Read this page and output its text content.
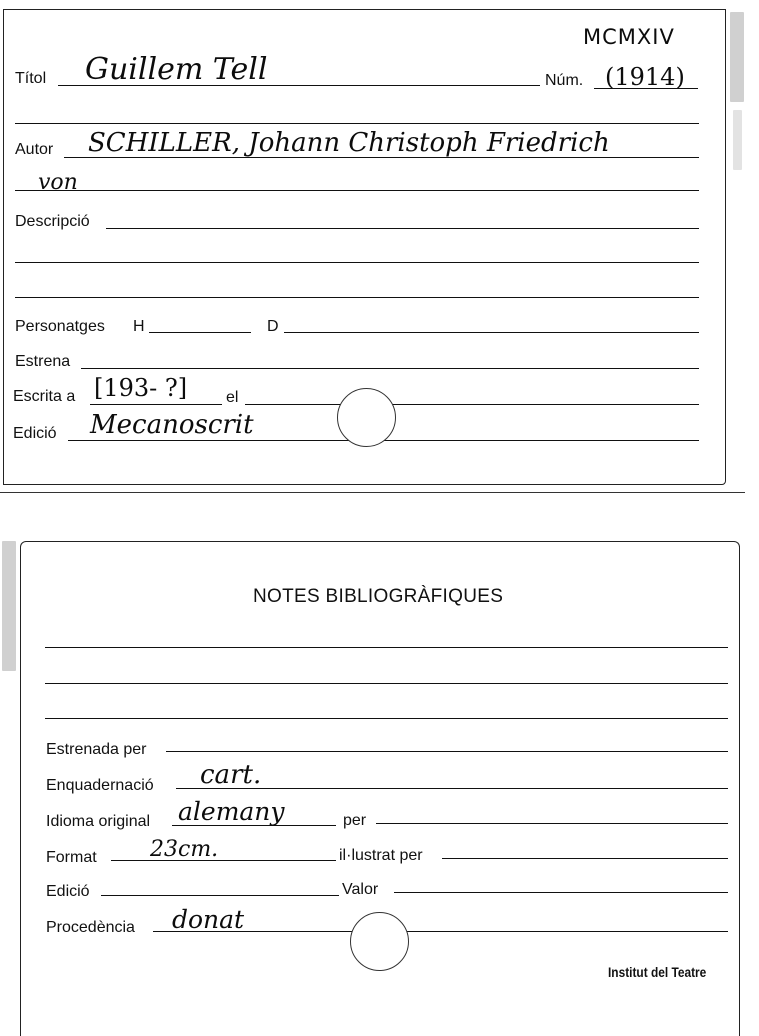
MCMXIV
Títol Guillem Tell	Núm. (1914)
Autor SCHILLER, Johann Christoph Friedrich
von
Descripció
Personatges H	D
Estrena
Escrita a [193- ?] el
Edició Mecanoscrit
NOTES BIBLIOGRÀFIQUES
Estrenada per
Enquadernació cart.
Idioma original alemany	per
Format 23cm.	il·lustrat per
Edició	Valor
Procedència donat
Institut del Teatre
